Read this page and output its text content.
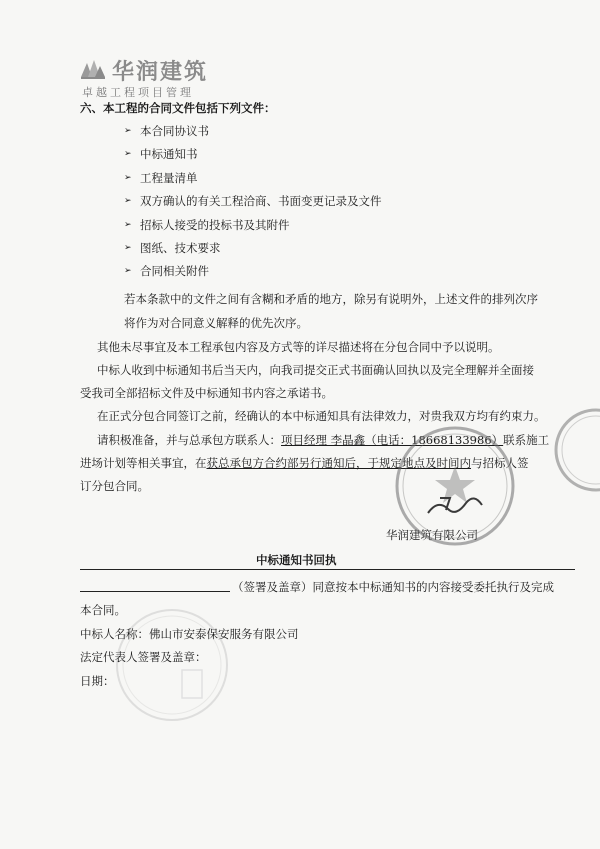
华润建筑
卓越工程项目管理
六、本工程的合同文件包括下列文件：
➢ 本合同协议书
➢ 中标通知书
➢ 工程量清单
➢ 双方确认的有关工程洽商、书面变更记录及文件
➢ 招标人接受的投标书及其附件
➢ 图纸、技术要求
➢ 合同相关附件
若本条款中的文件之间有含糊和矛盾的地方，除另有说明外，上述文件的排列次序
将作为对合同意义解释的优先次序。
其他未尽事宜及本工程承包内容及方式等的详尽描述将在分包合同中予以说明。
中标人收到中标通知书后当天内，向我司提交正式书面确认回执以及完全理解并全面接
受我司全部招标文件及中标通知书内容之承诺书。
在正式分包合同签订之前，经确认的本中标通知具有法律效力，对贵我双方均有约束力。
请积极准备，并与总承包方联系人：项目经理 李晶鑫（电话：18668133986）联系施工
进场计划等相关事宜，在获总承包方合约部另行通知后，于规定地点及时间内与招标人签
订分包合同。
华润建筑有限公司
中标通知书回执
（签署及盖章）同意按本中标通知书的内容接受委托执行及完成
本合同。
中标人名称：佛山市安泰保安服务有限公司
法定代表人签署及盖章：
日期：
